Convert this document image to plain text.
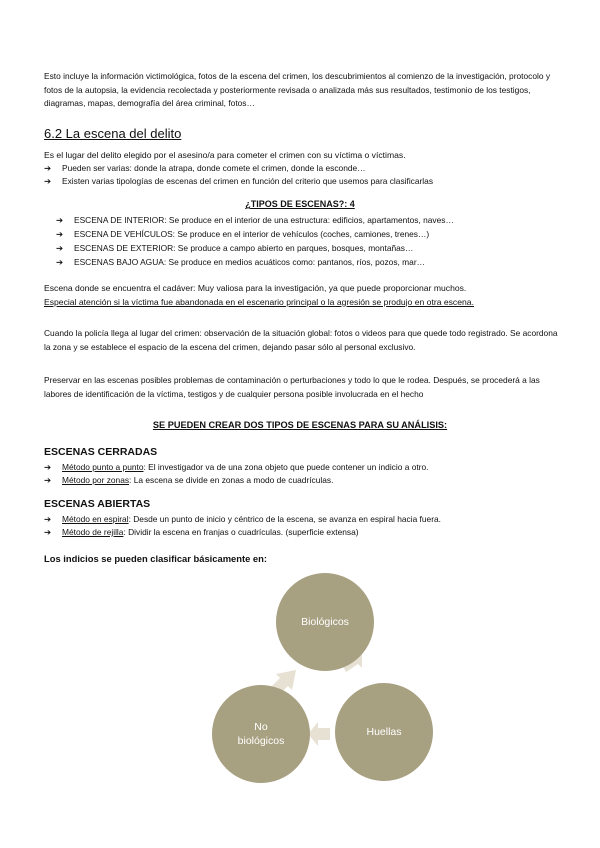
Esto incluye la información victimológica, fotos de la escena del crimen, los descubrimientos al comienzo de la investigación, protocolo y fotos de la autopsia, la evidencia recolectada y posteriormente revisada o analizada más sus resultados, testimonio de los testigos, diagramas, mapas, demografía del área criminal, fotos…
6.2 La escena del delito
Es el lugar del delito elegido por el asesino/a para cometer el crimen con su víctima o víctimas.
➔ Pueden ser varias: donde la atrapa, donde comete el crimen, donde la esconde…
➔ Existen varias tipologías de escenas del crimen en función del criterio que usemos para clasificarlas
¿TIPOS DE ESCENAS?: 4
➔ ESCENA DE INTERIOR: Se produce en el interior de una estructura: edificios, apartamentos, naves…
➔ ESCENA DE VEHÍCULOS: Se produce en el interior de vehículos (coches, camiones, trenes…)
➔ ESCENAS DE EXTERIOR: Se produce a campo abierto en parques, bosques, montañas…
➔ ESCENAS BAJO AGUA: Se produce en medios acuáticos como: pantanos, ríos, pozos, mar…
Escena donde se encuentra el cadáver: Muy valiosa para la investigación, ya que puede proporcionar muchos.
Especial atención si la víctima fue abandonada en el escenario principal o la agresión se produjo en otra escena.
Cuando la policía llega al lugar del crimen: observación de la situación global: fotos o videos para que quede todo registrado. Se acordona la zona y se establece el espacio de la escena del crimen, dejando pasar sólo al personal exclusivo.
Preservar en las escenas posibles problemas de contaminación o perturbaciones y todo lo que le rodea. Después, se procederá a las labores de identificación de la víctima, testigos y de cualquier persona posible involucrada en el hecho
SE PUEDEN CREAR DOS TIPOS DE ESCENAS PARA SU ANÁLISIS:
ESCENAS CERRADAS
➔ Método punto a punto: El investigador va de una zona objeto que puede contener un indicio a otro.
➔ Método por zonas: La escena se divide en zonas a modo de cuadrículas.
ESCENAS ABIERTAS
➔ Método en espiral: Desde un punto de inicio y céntrico de la escena, se avanza en espiral hacia fuera.
➔ Método de rejilla: Dividir la escena en franjas o cuadrículas. (superficie extensa)
Los indicios se pueden clasificar básicamente en:
Biológicos
Huellas
No biológicos
